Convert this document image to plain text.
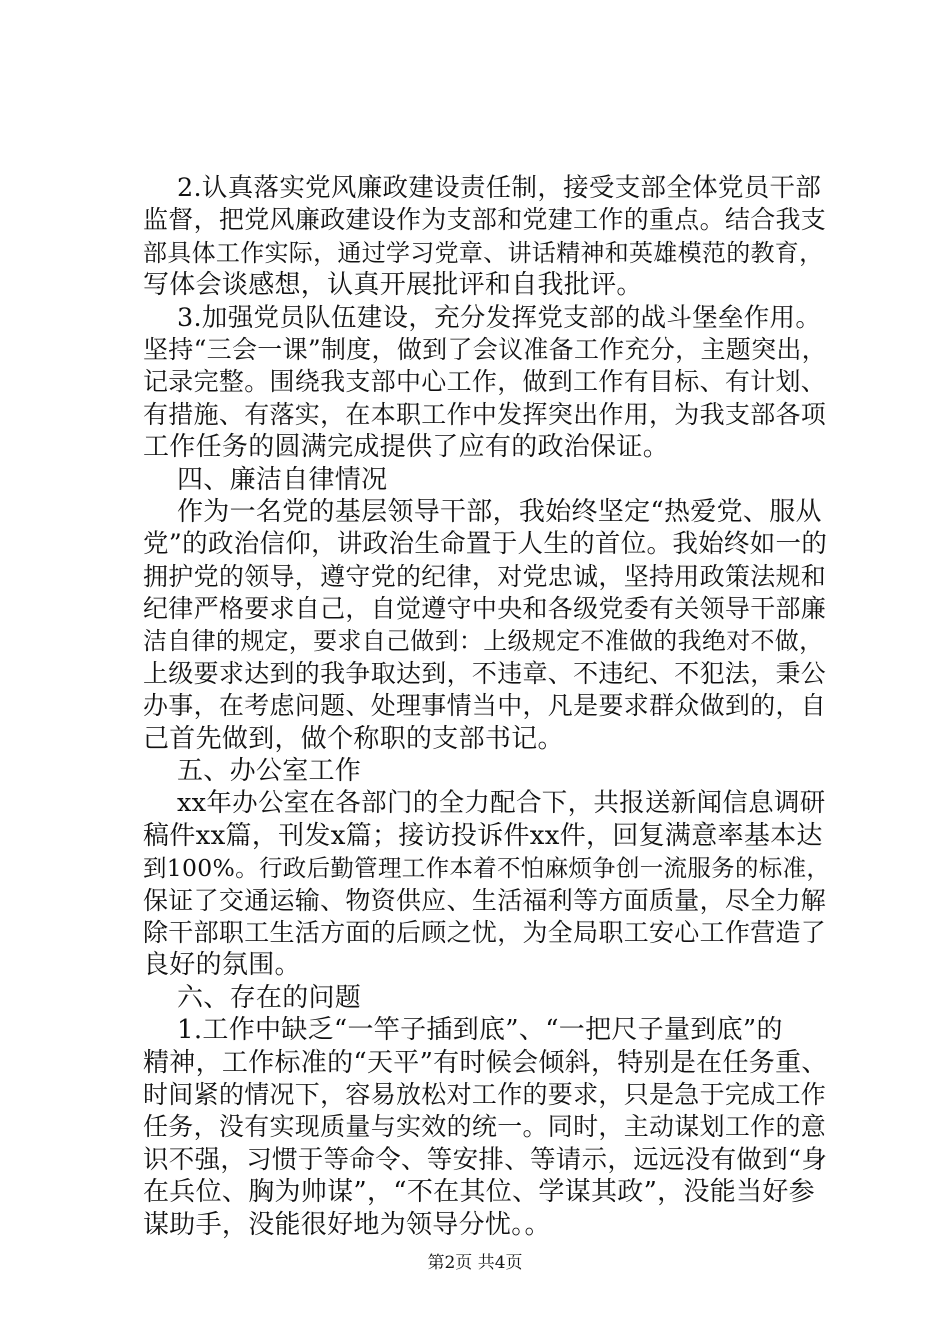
2.认真落实党风廉政建设责任制，接受支部全体党员干部
监督，把党风廉政建设作为支部和党建工作的重点。结合我支
部具体工作实际，通过学习党章、讲话精神和英雄模范的教育，
写体会谈感想，认真开展批评和自我批评。
3.加强党员队伍建设，充分发挥党支部的战斗堡垒作用。
坚持“三会一课”制度，做到了会议准备工作充分，主题突出，
记录完整。围绕我支部中心工作，做到工作有目标、有计划、
有措施、有落实，在本职工作中发挥突出作用，为我支部各项
工作任务的圆满完成提供了应有的政治保证。
四、廉洁自律情况
作为一名党的基层领导干部，我始终坚定“热爱党、服从
党”的政治信仰，讲政治生命置于人生的首位。我始终如一的
拥护党的领导，遵守党的纪律，对党忠诚，坚持用政策法规和
纪律严格要求自己，自觉遵守中央和各级党委有关领导干部廉
洁自律的规定，要求自己做到：上级规定不准做的我绝对不做，
上级要求达到的我争取达到，不违章、不违纪、不犯法，秉公
办事，在考虑问题、处理事情当中，凡是要求群众做到的，自
己首先做到，做个称职的支部书记。
五、办公室工作
xx年办公室在各部门的全力配合下，共报送新闻信息调研
稿件xx篇，刊发x篇；接访投诉件xx件，回复满意率基本达
到100%。行政后勤管理工作本着不怕麻烦争创一流服务的标准，
保证了交通运输、物资供应、生活福利等方面质量，尽全力解
除干部职工生活方面的后顾之忧，为全局职工安心工作营造了
良好的氛围。
六、存在的问题
1.工作中缺乏“一竿子插到底”、“一把尺子量到底”的
精神，工作标准的“天平”有时候会倾斜，特别是在任务重、
时间紧的情况下，容易放松对工作的要求，只是急于完成工作
任务，没有实现质量与实效的统一。同时，主动谋划工作的意
识不强，习惯于等命令、等安排、等请示，远远没有做到“身
在兵位、胸为帅谋”，“不在其位、学谋其政”，没能当好参
谋助手，没能很好地为领导分忧。。
第2页 共4页
